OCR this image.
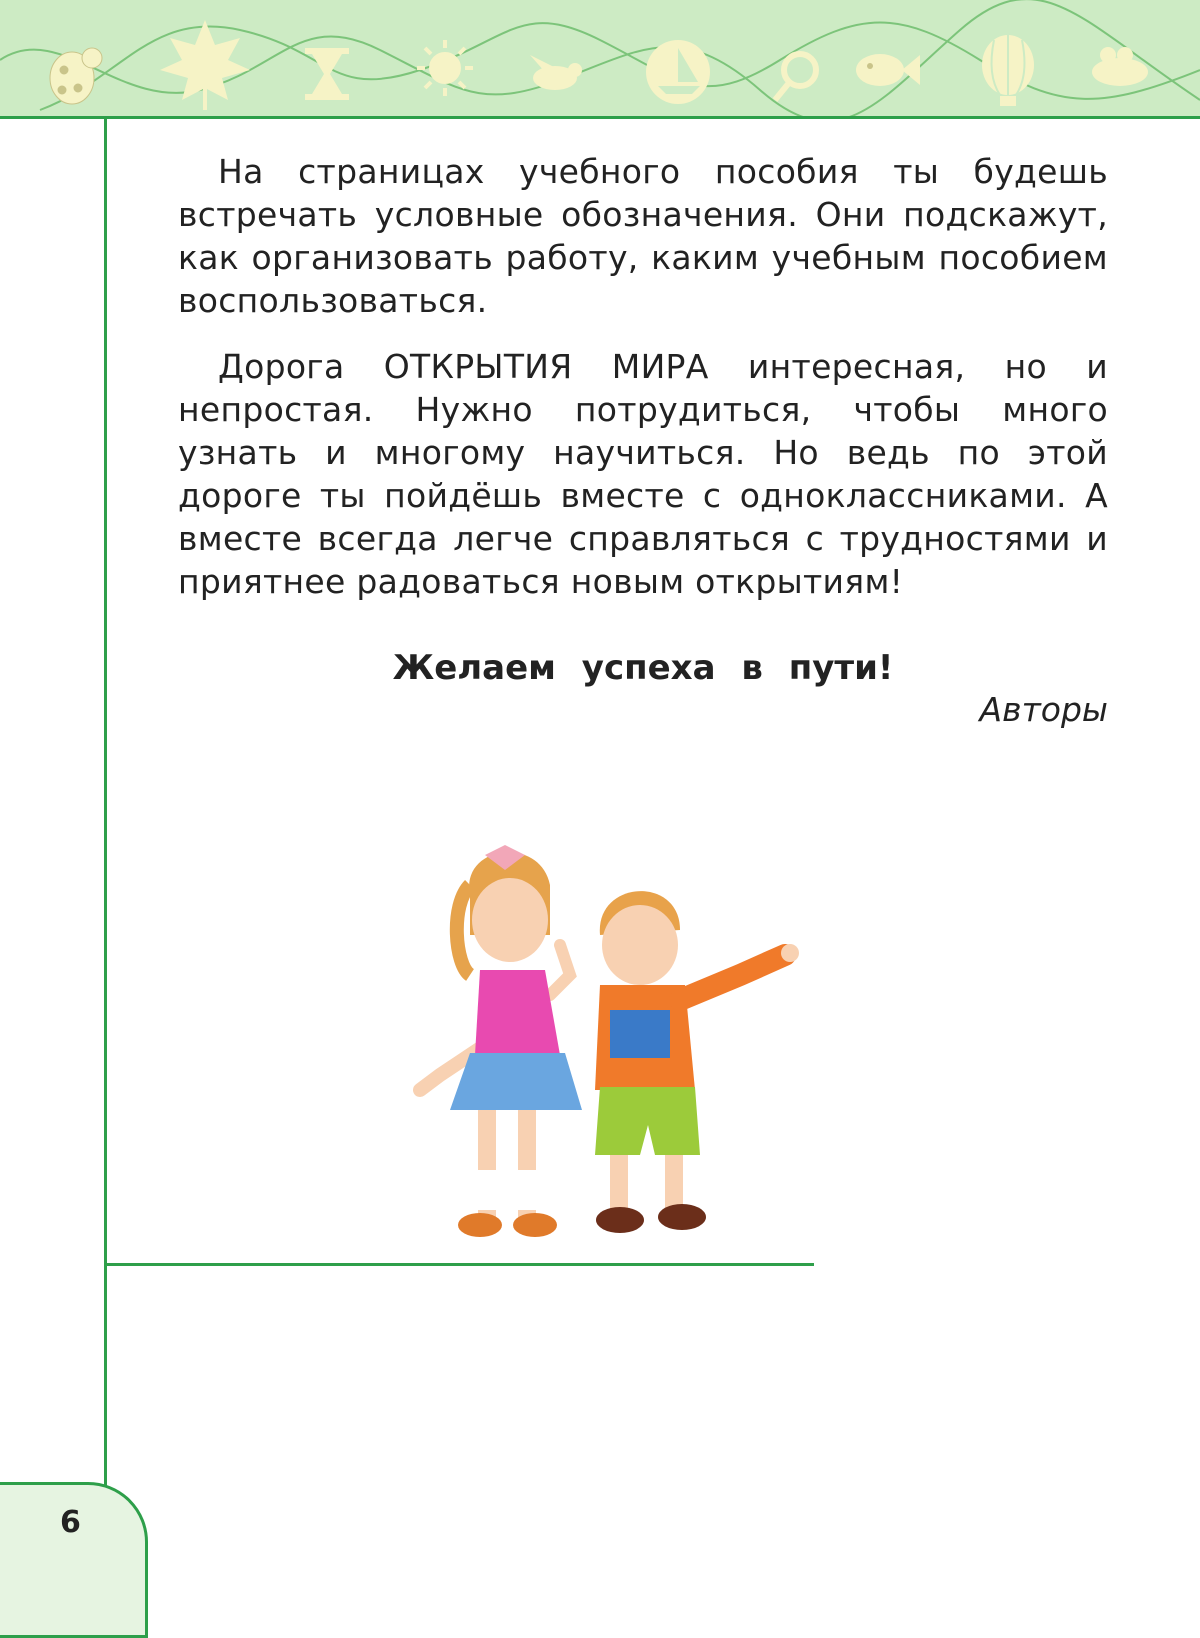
На страницах учебного пособия ты будешь встречать условные обозначения. Они подскажут, как организовать работу, каким учебным пособием воспользоваться.

Дорога ОТКРЫТИЯ МИРА интересная, но и непростая. Нужно потрудиться, чтобы много узнать и многому научиться. Но ведь по этой дороге ты пойдёшь вместе с одноклассниками. А вместе всегда легче справляться с трудностями и приятнее радоваться новым открытиям!

Желаем успеха в пути!
Авторы
6
